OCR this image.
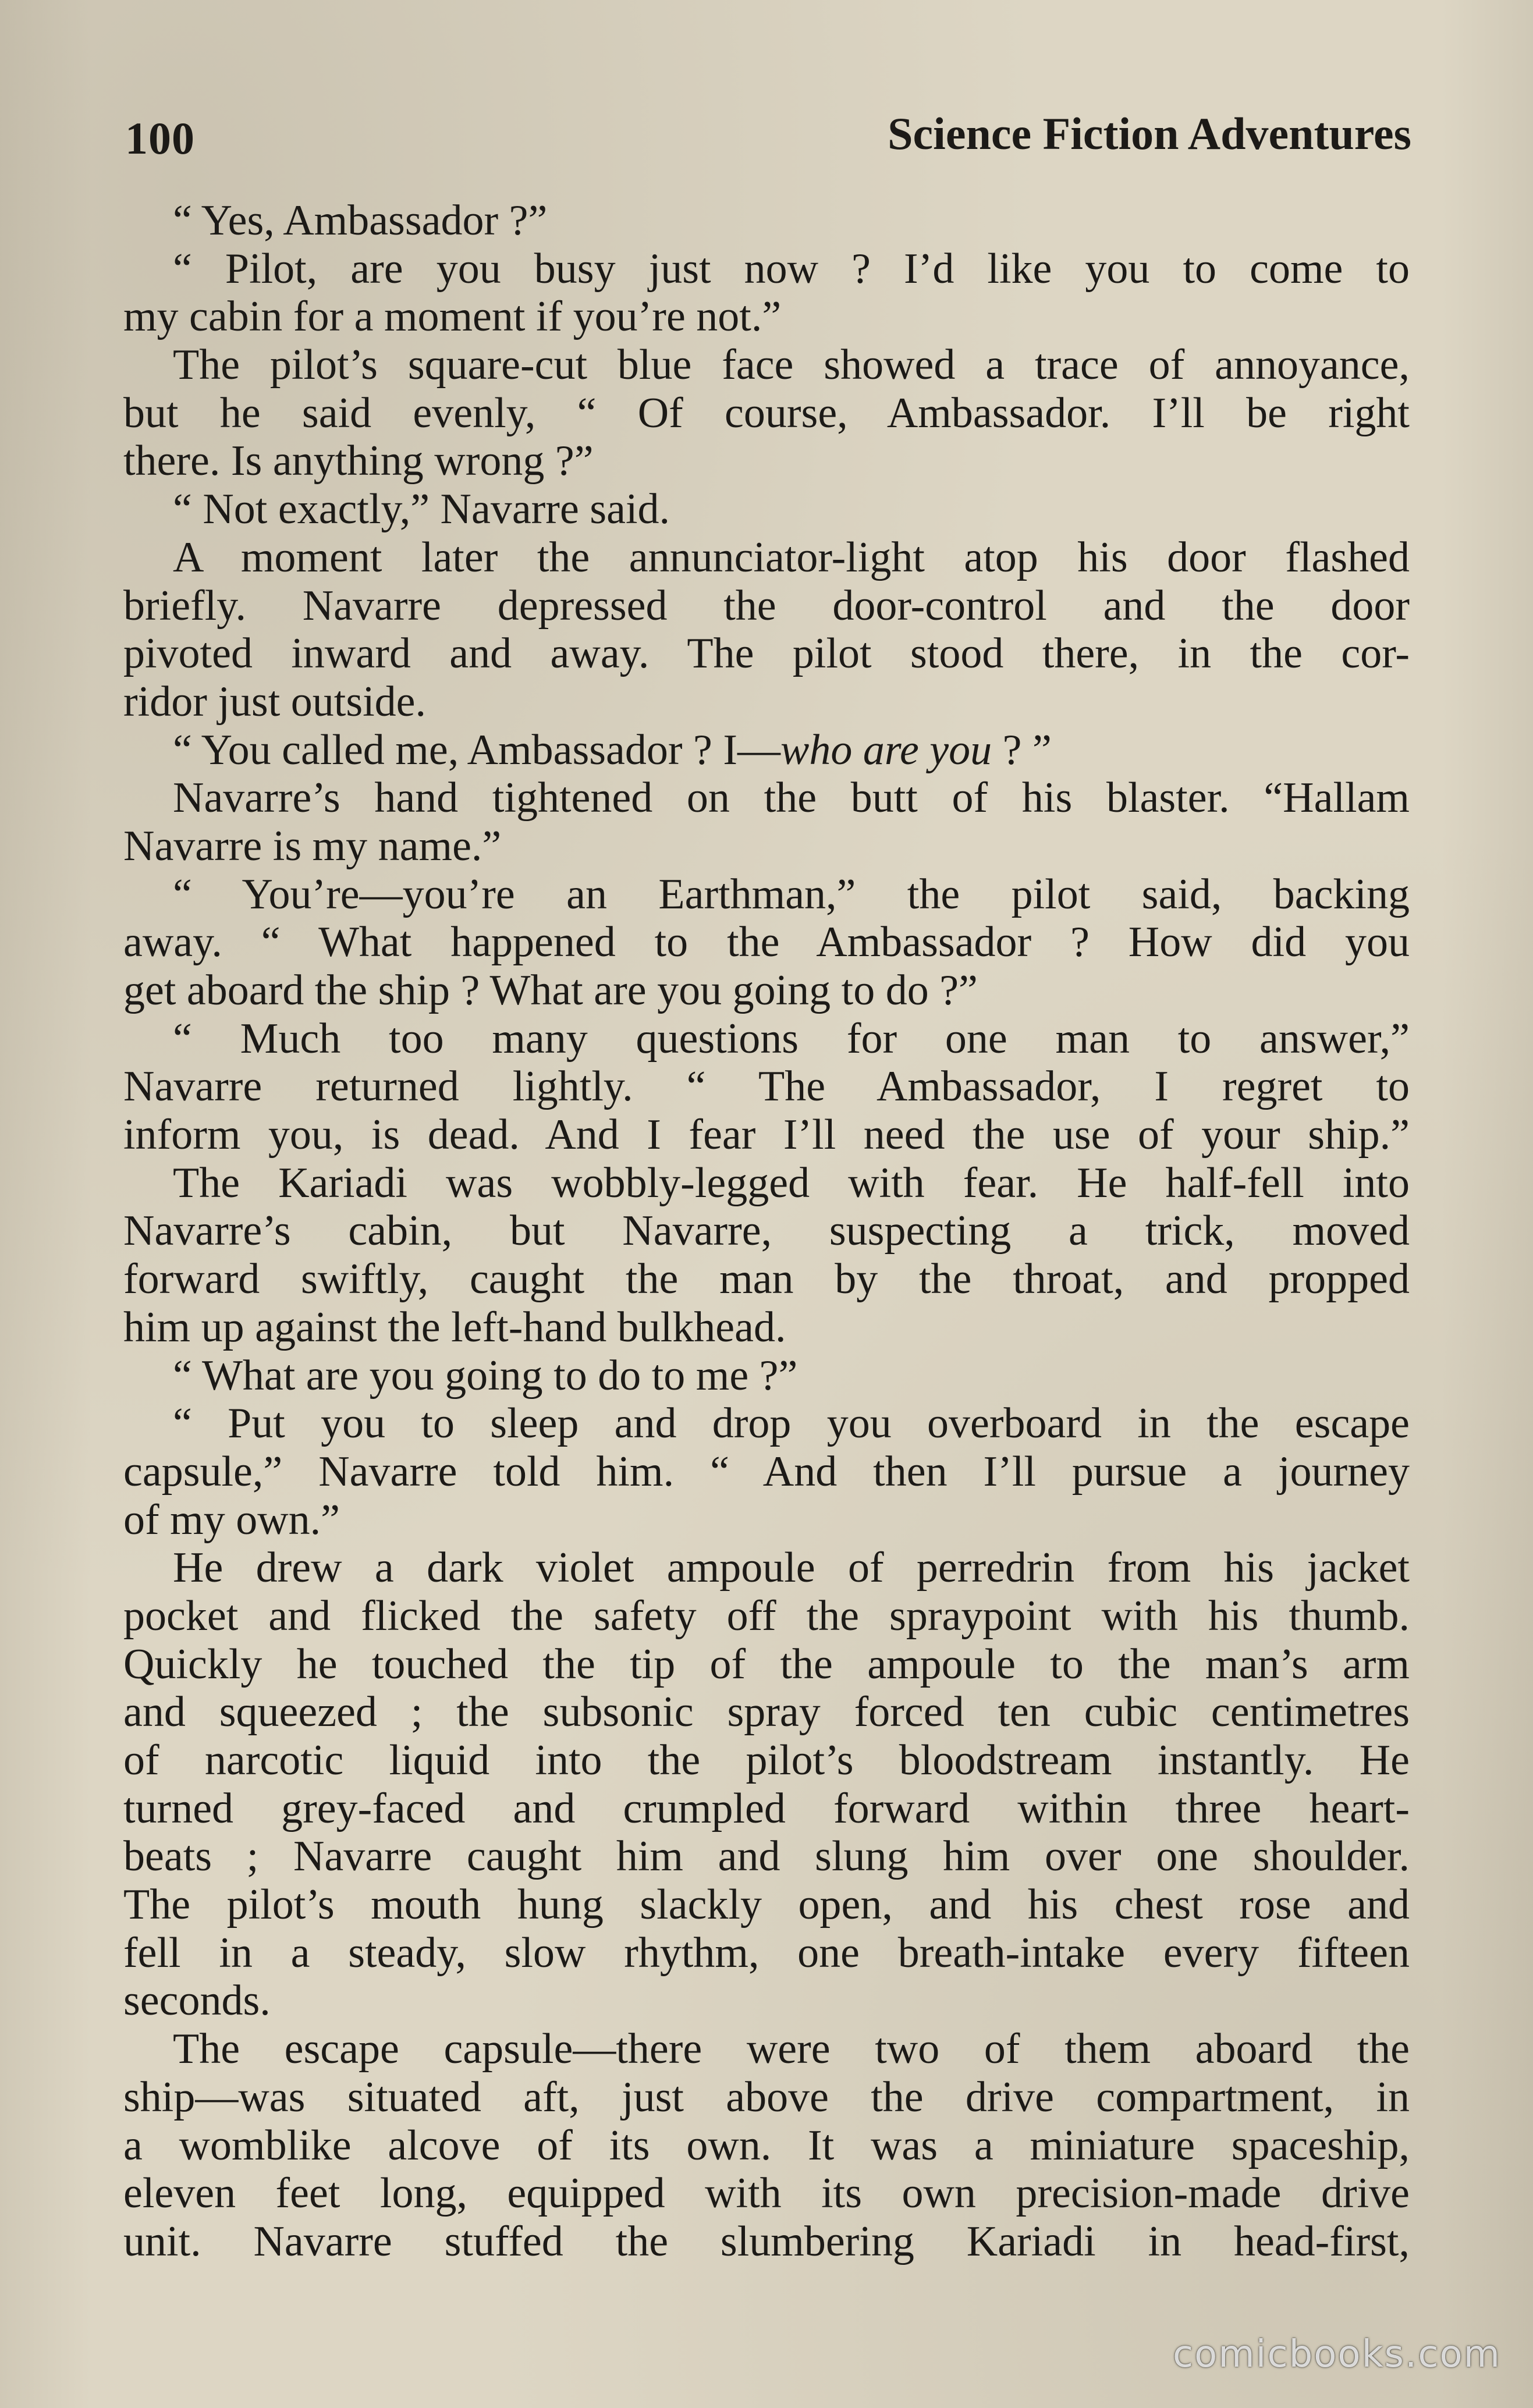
100	Science Fiction Adventures
“ Yes, Ambassador ?”
“ Pilot, are you busy just now ? I’d like you to come to
my cabin for a moment if you’re not.”
The pilot’s square-cut blue face showed a trace of annoyance,
but he said evenly, “ Of course, Ambassador. I’ll be right
there. Is anything wrong ?”
“ Not exactly,” Navarre said.
A moment later the annunciator-light atop his door flashed
briefly. Navarre depressed the door-control and the door
pivoted inward and away. The pilot stood there, in the cor-
ridor just outside.
“ You called me, Ambassador ? I—who are you ? ”
Navarre’s hand tightened on the butt of his blaster. “Hallam
Navarre is my name.”
“ You’re—you’re an Earthman,” the pilot said, backing
away. “ What happened to the Ambassador ? How did you
get aboard the ship ? What are you going to do ?”
“ Much too many questions for one man to answer,”
Navarre returned lightly. “ The Ambassador, I regret to
inform you, is dead. And I fear I’ll need the use of your ship.”
The Kariadi was wobbly-legged with fear. He half-fell into
Navarre’s cabin, but Navarre, suspecting a trick, moved
forward swiftly, caught the man by the throat, and propped
him up against the left-hand bulkhead.
“ What are you going to do to me ?”
“ Put you to sleep and drop you overboard in the escape
capsule,” Navarre told him. “ And then I’ll pursue a journey
of my own.”
He drew a dark violet ampoule of perredrin from his jacket
pocket and flicked the safety off the spraypoint with his thumb.
Quickly he touched the tip of the ampoule to the man’s arm
and squeezed ; the subsonic spray forced ten cubic centimetres
of narcotic liquid into the pilot’s bloodstream instantly. He
turned grey-faced and crumpled forward within three heart-
beats ; Navarre caught him and slung him over one shoulder.
The pilot’s mouth hung slackly open, and his chest rose and
fell in a steady, slow rhythm, one breath-intake every fifteen
seconds.
The escape capsule—there were two of them aboard the
ship—was situated aft, just above the drive compartment, in
a womblike alcove of its own. It was a miniature spaceship,
eleven feet long, equipped with its own precision-made drive
unit. Navarre stuffed the slumbering Kariadi in head-first,
comicbooks.com
